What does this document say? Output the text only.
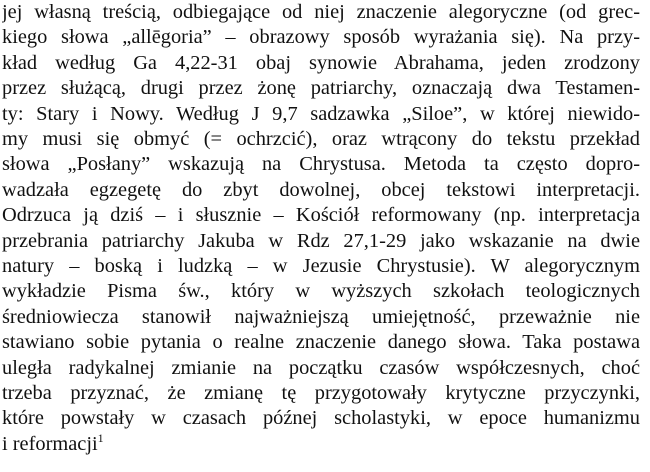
jej własną treścią, odbiegające od niej znaczenie alegoryczne (od grec-
kiego słowa „allēgoria” – obrazowy sposób wyrażania się). Na przy-
kład według Ga 4,22-31 obaj synowie Abrahama, jeden zrodzony
przez służącą, drugi przez żonę patriarchy, oznaczają dwa Testamen-
ty: Stary i Nowy. Według J 9,7 sadzawka „Siloe”, w której niewido-
my musi się obmyć (= ochrzcić), oraz wtrącony do tekstu przekład
słowa „Posłany” wskazują na Chrystusa. Metoda ta często dopro-
wadzała egzegetę do zbyt dowolnej, obcej tekstowi interpretacji.
Odrzuca ją dziś – i słusznie – Kościół reformowany (np. interpretacja
przebrania patriarchy Jakuba w Rdz 27,1-29 jako wskazanie na dwie
natury – boską i ludzką – w Jezusie Chrystusie). W alegorycznym
wykładzie Pisma św., który w wyższych szkołach teologicznych
średniowiecza stanowił najważniejszą umiejętność, przeważnie nie
stawiano sobie pytania o realne znaczenie danego słowa. Taka postawa
uległa radykalnej zmianie na początku czasów współczesnych, choć
trzeba przyznać, że zmianę tę przygotowały krytyczne przyczynki,
które powstały w czasach późnej scholastyki, w epoce humanizmu
i reformacji$^1$
